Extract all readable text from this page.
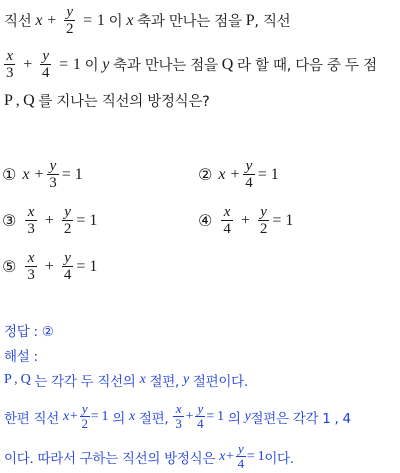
직선 $x + \frac{y}{2} = 1$ 이 x 축과 만나는 점을 P , 직선
$\frac{x}{3} + \frac{y}{4} = 1$ 이 y 축과 만나는 점을 Q 라 할 때, 다음 중 두 점
P , Q 를 지나는 직선의 방정식은?
① $x + \frac{y}{3} = 1$	② $x + \frac{y}{4} = 1$
③ $\frac{x}{3} + \frac{y}{2} = 1$	④ $\frac{x}{4} + \frac{y}{2} = 1$
⑤ $\frac{x}{3} + \frac{y}{4} = 1$
정답 : ②
해설 :
P , Q 는 각각 두 직선의 x 절편, y 절편이다.
한편 직선 $x + \frac{y}{2} = 1$ 의 x 절편, $\frac{x}{3} + \frac{y}{4} = 1$ 의 y 절편은 각각 1 , 4
이다. 따라서 구하는 직선의 방정식은 $x + \frac{y}{4} = 1$ 이다.
